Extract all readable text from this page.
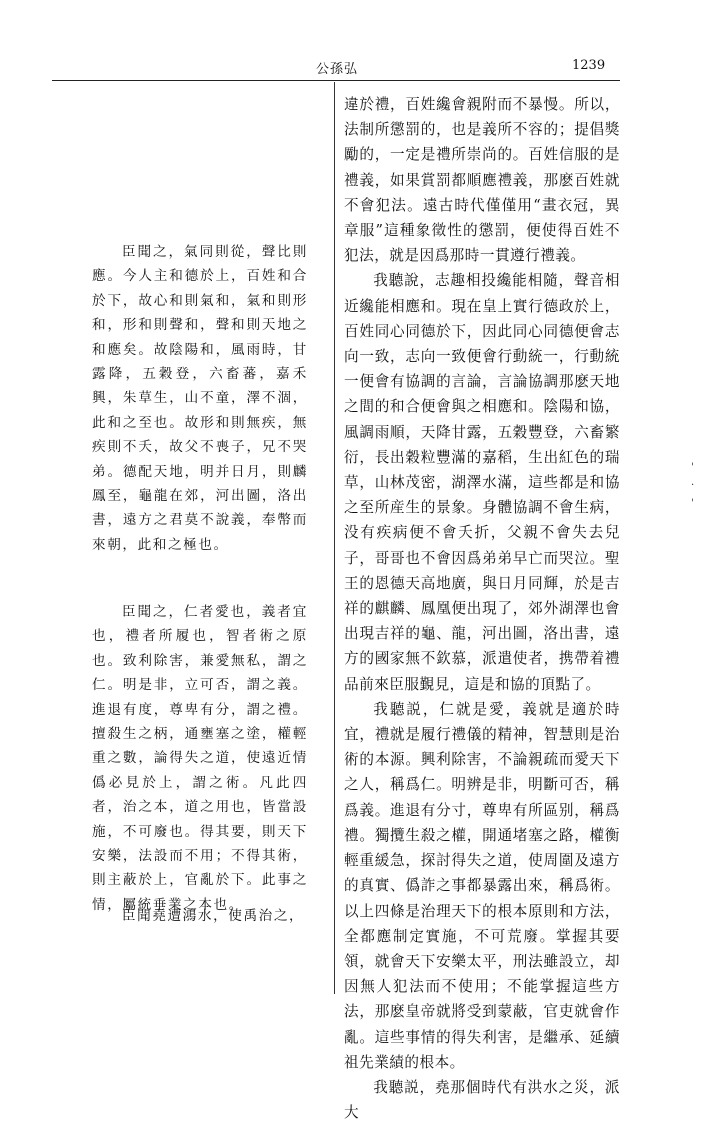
公孫弘	1239

臣聞之，氣同則從，聲比則應。今人主和德於上，百姓和合於下，故心和則氣和，氣和則形和，形和則聲和，聲和則天地之和應矣。故陰陽和，風雨時，甘露降，五穀登，六畜蕃，嘉禾興，朱草生，山不童，澤不涸，此和之至也。故形和則無疾，無疾則不夭，故父不喪子，兄不哭弟。德配天地，明并日月，則麟鳳至，龜龍在郊，河出圖，洛出書，遠方之君莫不說義，奉幣而來朝，此和之極也。

臣聞之，仁者愛也，義者宜也，禮者所履也，智者術之原也。致利除害，兼愛無私，謂之仁。明是非，立可否，謂之義。進退有度，尊卑有分，謂之禮。擅殺生之柄，通壅塞之塗，權輕重之數，論得失之道，使遠近情僞必見於上，謂之術。凡此四者，治之本，道之用也，皆當設施，不可廢也。得其要，則天下安樂，法設而不用；不得其術，則主蔽於上，官亂於下。此事之情，屬統垂業之本也。

臣聞堯遭鴻水，使禹治之，

違於禮，百姓纔會親附而不暴慢。所以，法制所懲罰的，也是義所不容的；提倡獎勵的，一定是禮所崇尚的。百姓信服的是禮義，如果賞罰都順應禮義，那麽百姓就不會犯法。遠古時代僅僅用“畫衣冠，異章服”這種象徵性的懲罰，便使得百姓不犯法，就是因爲那時一貫遵行禮義。

我聽說，志趣相投纔能相隨，聲音相近纔能相應和。現在皇上實行德政於上，百姓同心同德於下，因此同心同德便會志向一致，志向一致便會行動統一，行動統一便會有協調的言論，言論協調那麽天地之間的和合便會與之相應和。陰陽和協，風調雨順，天降甘露，五穀豐登，六畜繁衍，長出穀粒豐滿的嘉稻，生出紅色的瑞草，山林茂密，湖澤水滿，這些都是和協之至所産生的景象。身體協調不會生病，没有疾病便不會夭折，父親不會失去兒子，哥哥也不會因爲弟弟早亡而哭泣。聖王的恩德天高地廣，與日月同輝，於是吉祥的麒麟、鳳凰便出現了，郊外湖澤也會出現吉祥的龜、龍，河出圖，洛出書，遠方的國家無不欽慕，派遣使者，携帶着禮品前來臣服覲見，這是和協的頂點了。

我聽説，仁就是愛，義就是適於時宜，禮就是履行禮儀的精神，智慧則是治術的本源。興利除害，不論親疏而愛天下之人，稱爲仁。明辨是非，明斷可否，稱爲義。進退有分寸，尊卑有所區别，稱爲禮。獨攬生殺之權，開通堵塞之路，權衡輕重緩急，探討得失之道，使周圍及遠方的真實、僞詐之事都暴露出來，稱爲術。以上四條是治理天下的根本原則和方法，全都應制定實施，不可荒廢。掌握其要領，就會天下安樂太平，刑法雖設立，却因無人犯法而不使用；不能掌握這些方法，那麽皇帝就將受到蒙蔽，官吏就會作亂。這些事情的得失利害，是繼承、延續祖先業績的根本。

我聽説，堯那個時代有洪水之災，派大

'
·
'
